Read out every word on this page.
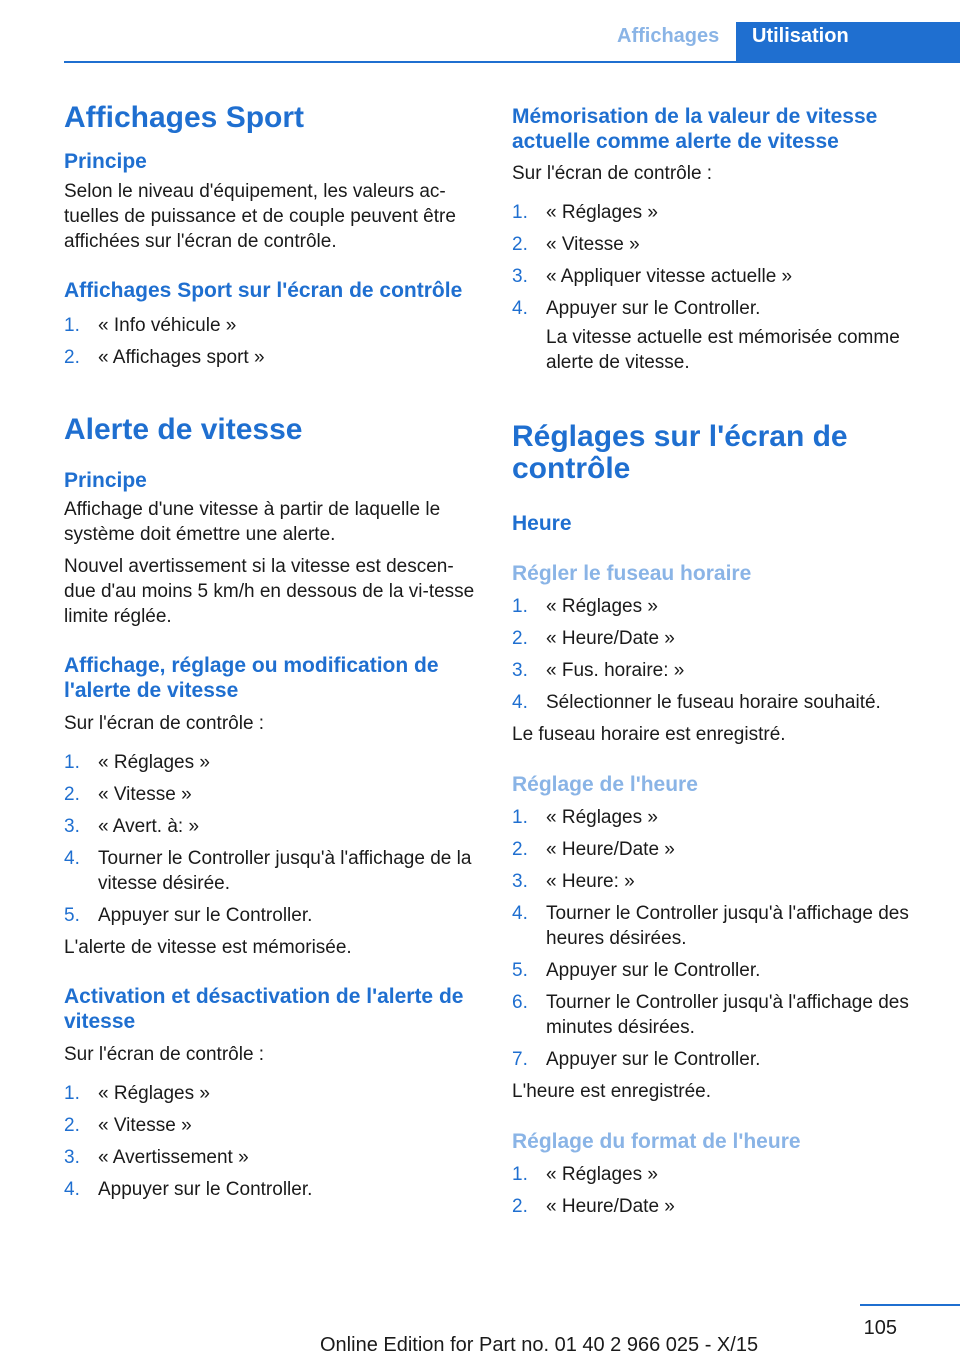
Affichages Utilisation
Affichages Sport
Principe

Selon le niveau d'équipement, les valeurs ac-tuelles de puissance et de couple peuvent être affichées sur l'écran de contrôle.

Affichages Sport sur l'écran de contrôle
1. « Info véhicule »
2. « Affichages sport »
Alerte de vitesse
Principe

Affichage d'une vitesse à partir de laquelle le système doit émettre une alerte.

Nouvel avertissement si la vitesse est descen-due d'au moins 5 km/h en dessous de la vi-tesse limite réglée.

Affichage, réglage ou modification de l'alerte de vitesse

Sur l'écran de contrôle :

1. « Réglages »
2. « Vitesse »
3. « Avert. à: »
4. Tourner le Controller jusqu'à l'affichage de la vitesse désirée.
5. Appuyer sur le Controller.

L'alerte de vitesse est mémorisée.

Activation et désactivation de l'alerte de vitesse

Sur l'écran de contrôle :

1. « Réglages »
2. « Vitesse »
3. « Avertissement »
4. Appuyer sur le Controller.
Mémorisation de la valeur de vitesse actuelle comme alerte de vitesse

Sur l'écran de contrôle :

1. « Réglages »
2. « Vitesse »
3. « Appliquer vitesse actuelle »
4. Appuyer sur le Controller.
La vitesse actuelle est mémorisée comme alerte de vitesse.
Réglages sur l'écran de contrôle
Heure
Régler le fuseau horaire
1. « Réglages »
2. « Heure/Date »
3. « Fus. horaire: »
4. Sélectionner le fuseau horaire souhaité.

Le fuseau horaire est enregistré.

Réglage de l'heure
1. « Réglages »
2. « Heure/Date »
3. « Heure: »
4. Tourner le Controller jusqu'à l'affichage des heures désirées.
5. Appuyer sur le Controller.
6. Tourner le Controller jusqu'à l'affichage des minutes désirées.
7. Appuyer sur le Controller.

L'heure est enregistrée.

Réglage du format de l'heure
1. « Réglages »
2. « Heure/Date »
105
Online Edition for Part no. 01 40 2 966 025 - X/15
